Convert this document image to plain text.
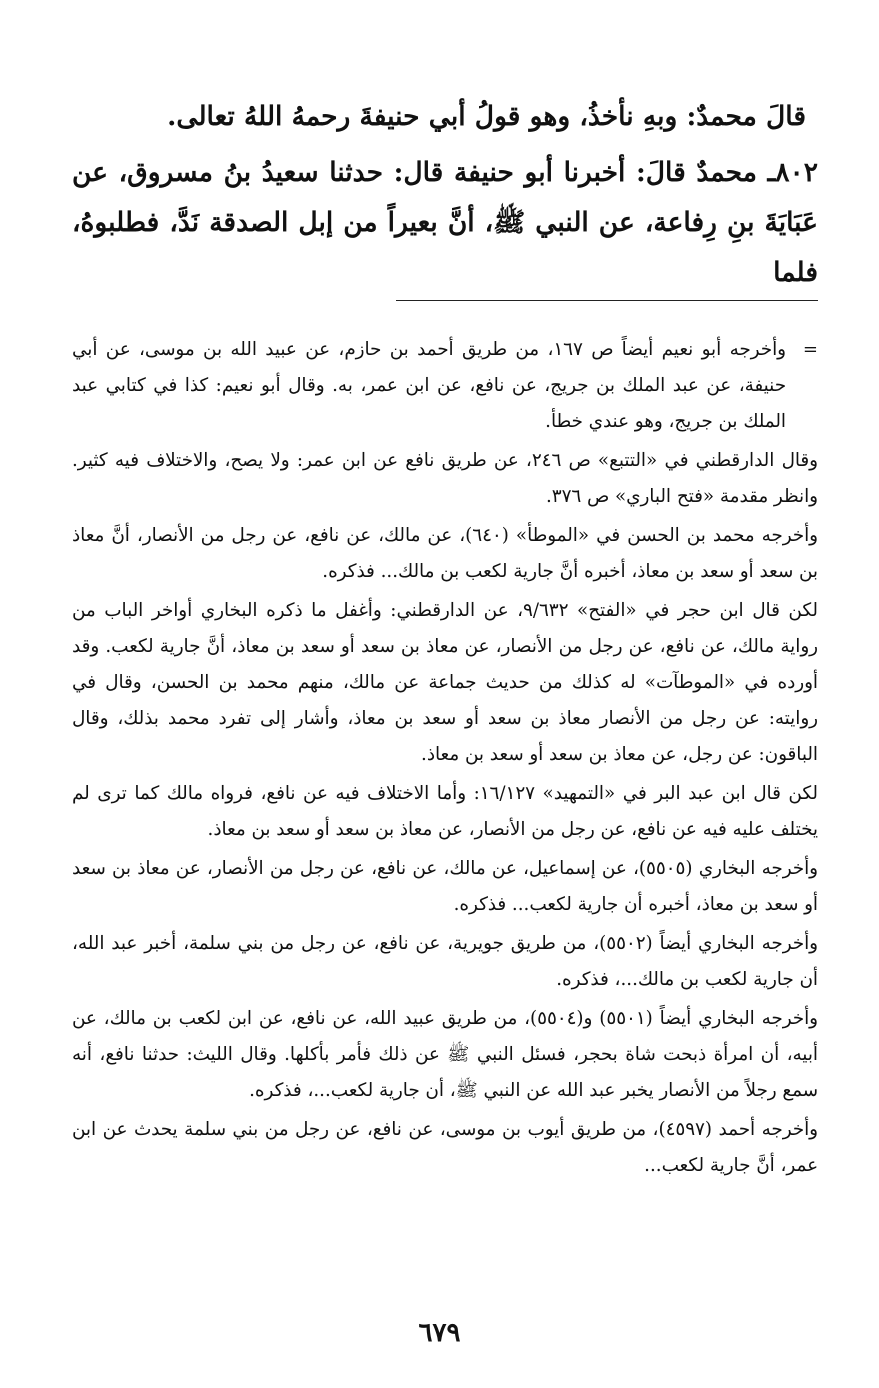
قالَ محمدٌ: وبهِ نأخذُ، وهو قولُ أبي حنيفةَ رحمهُ اللهُ تعالى.

٨٠٢ـ محمدٌ قالَ: أخبرنا أبو حنيفة قال: حدثنا سعيدُ بنُ مسروق، عن عَبَايَةَ بنِ رِفاعة، عن النبي ﷺ، أنَّ بعيراً من إبل الصدقة نَدَّ، فطلبوهُ، فلما

=
وأخرجه أبو نعيم أيضاً ص ١٦٧، من طريق أحمد بن حازم، عن عبيد الله بن موسى، عن أبي حنيفة، عن عبد الملك بن جريج، عن نافع، عن ابن عمر، به. وقال أبو نعيم: كذا في كتابي عبد الملك بن جريج، وهو عندي خطأ.

وقال الدارقطني في «التتبع» ص ٢٤٦، عن طريق نافع عن ابن عمر: ولا يصح، والاختلاف فيه كثير. وانظر مقدمة «فتح الباري» ص ٣٧٦.

وأخرجه محمد بن الحسن في «الموطأ» (٦٤٠)، عن مالك، عن نافع، عن رجل من الأنصار، أنَّ معاذ بن سعد أو سعد بن معاذ، أخبره أنَّ جارية لكعب بن مالك... فذكره.

لكن قال ابن حجر في «الفتح» ٩/٦٣٢، عن الدارقطني: وأغفل ما ذكره البخاري أواخر الباب من رواية مالك، عن نافع، عن رجل من الأنصار، عن معاذ بن سعد أو سعد بن معاذ، أنَّ جارية لكعب. وقد أورده في «الموطآت» له كذلك من حديث جماعة عن مالك، منهم محمد بن الحسن، وقال في روايته: عن رجل من الأنصار معاذ بن سعد أو سعد بن معاذ، وأشار إلى تفرد محمد بذلك، وقال الباقون: عن رجل، عن معاذ بن سعد أو سعد بن معاذ.

لكن قال ابن عبد البر في «التمهيد» ١٦/١٢٧: وأما الاختلاف فيه عن نافع، فرواه مالك كما ترى لم يختلف عليه فيه عن نافع، عن رجل من الأنصار، عن معاذ بن سعد أو سعد بن معاذ.

وأخرجه البخاري (٥٥٠٥)، عن إسماعيل، عن مالك، عن نافع، عن رجل من الأنصار، عن معاذ بن سعد أو سعد بن معاذ، أخبره أن جارية لكعب... فذكره.

وأخرجه البخاري أيضاً (٥٥٠٢)، من طريق جويرية، عن نافع، عن رجل من بني سلمة، أخبر عبد الله، أن جارية لكعب بن مالك...، فذكره.

وأخرجه البخاري أيضاً (٥٥٠١) و(٥٥٠٤)، من طريق عبيد الله، عن نافع، عن ابن لكعب بن مالك، عن أبيه، أن امرأة ذبحت شاة بحجر، فسئل النبي ﷺ عن ذلك فأمر بأكلها. وقال الليث: حدثنا نافع، أنه سمع رجلاً من الأنصار يخبر عبد الله عن النبي ﷺ، أن جارية لكعب...، فذكره.

وأخرجه أحمد (٤٥٩٧)، من طريق أيوب بن موسى، عن نافع، عن رجل من بني سلمة يحدث عن ابن عمر، أنَّ جارية لكعب...

٦٧٩
